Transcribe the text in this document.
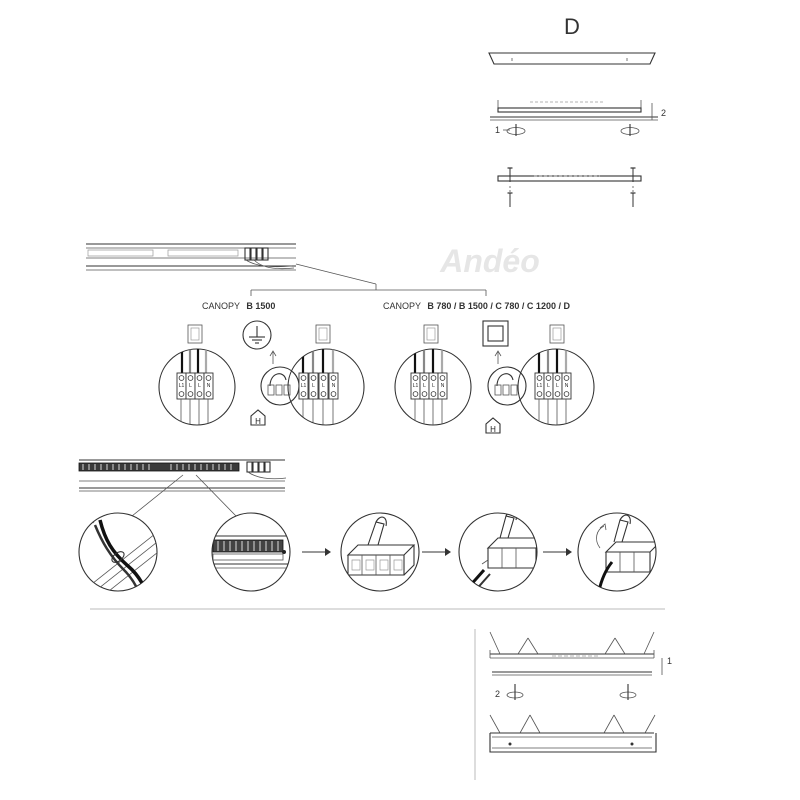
D
2
1
Andéo
CANOPY B 1500	CANOPY B 780 / B 1500 / C 780 / C 1200 / D
L1 L L N
H
L1 L L N	L1 L L N
H
L1 L L N
1
2
